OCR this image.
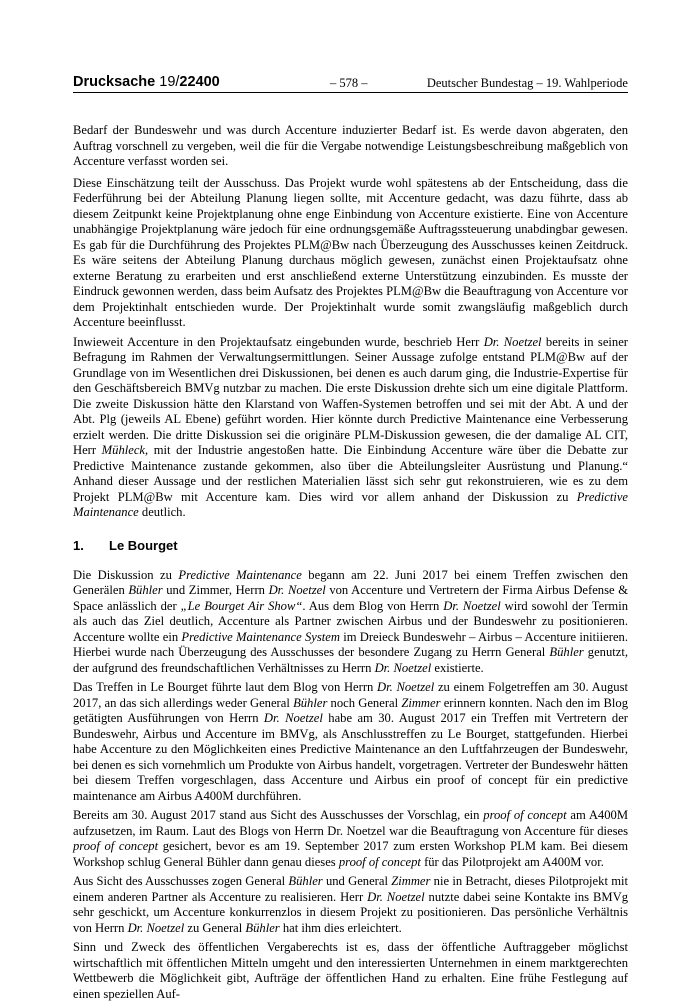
Drucksache 19/22400	– 578 –	Deutscher Bundestag – 19. Wahlperiode

Bedarf der Bundeswehr und was durch Accenture induzierter Bedarf ist. Es werde davon abgeraten, den Auftrag vorschnell zu vergeben, weil die für die Vergabe notwendige Leistungsbeschreibung maßgeblich von Accenture verfasst worden sei.

Diese Einschätzung teilt der Ausschuss. Das Projekt wurde wohl spätestens ab der Entscheidung, dass die Federführung bei der Abteilung Planung liegen sollte, mit Accenture gedacht, was dazu führte, dass ab diesem Zeitpunkt keine Projektplanung ohne enge Einbindung von Accenture existierte. Eine von Accenture unabhängige Projektplanung wäre jedoch für eine ordnungsgemäße Auftragssteuerung unabdingbar gewesen. Es gab für die Durchführung des Projektes PLM@Bw nach Überzeugung des Ausschusses keinen Zeitdruck. Es wäre seitens der Abteilung Planung durchaus möglich gewesen, zunächst einen Projektaufsatz ohne externe Beratung zu erarbeiten und erst anschließend externe Unterstützung einzubinden. Es musste der Eindruck gewonnen werden, dass beim Aufsatz des Projektes PLM@Bw die Beauftragung von Accenture vor dem Projektinhalt entschieden wurde. Der Projektinhalt wurde somit zwangsläufig maßgeblich durch Accenture beeinflusst.

Inwieweit Accenture in den Projektaufsatz eingebunden wurde, beschrieb Herr Dr. Noetzel bereits in seiner Befragung im Rahmen der Verwaltungsermittlungen. Seiner Aussage zufolge entstand PLM@Bw auf der Grundlage von im Wesentlichen drei Diskussionen, bei denen es auch darum ging, die Industrie-Expertise für den Geschäftsbereich BMVg nutzbar zu machen. Die erste Diskussion drehte sich um eine digitale Plattform. Die zweite Diskussion hätte den Klarstand von Waffen-Systemen betroffen und sei mit der Abt. A und der Abt. Plg (jeweils AL Ebene) geführt worden. Hier könnte durch Predictive Maintenance eine Verbesserung erzielt werden. Die dritte Diskussion sei die originäre PLM-Diskussion gewesen, die der damalige AL CIT, Herr Mühleck, mit der Industrie angestoßen hatte. Die Einbindung Accenture wäre über die Debatte zur Predictive Maintenance zustande gekommen, also über die Abteilungsleiter Ausrüstung und Planung.“ Anhand dieser Aussage und der restlichen Materialien lässt sich sehr gut rekonstruieren, wie es zu dem Projekt PLM@Bw mit Accenture kam. Dies wird vor allem anhand der Diskussion zu Predictive Maintenance deutlich.

1. Le Bourget

Die Diskussion zu Predictive Maintenance begann am 22. Juni 2017 bei einem Treffen zwischen den Generälen Bühler und Zimmer, Herrn Dr. Noetzel von Accenture und Vertretern der Firma Airbus Defense & Space anlässlich der „Le Bourget Air Show“. Aus dem Blog von Herrn Dr. Noetzel wird sowohl der Termin als auch das Ziel deutlich, Accenture als Partner zwischen Airbus und der Bundeswehr zu positionieren. Accenture wollte ein Predictive Maintenance System im Dreieck Bundeswehr – Airbus – Accenture initiieren. Hierbei wurde nach Überzeugung des Ausschusses der besondere Zugang zu Herrn General Bühler genutzt, der aufgrund des freundschaftlichen Verhältnisses zu Herrn Dr. Noetzel existierte.

Das Treffen in Le Bourget führte laut dem Blog von Herrn Dr. Noetzel zu einem Folgetreffen am 30. August 2017, an das sich allerdings weder General Bühler noch General Zimmer erinnern konnten. Nach den im Blog getätigten Ausführungen von Herrn Dr. Noetzel habe am 30. August 2017 ein Treffen mit Vertretern der Bundeswehr, Airbus und Accenture im BMVg, als Anschlusstreffen zu Le Bourget, stattgefunden. Hierbei habe Accenture zu den Möglichkeiten eines Predictive Maintenance an den Luftfahrzeugen der Bundeswehr, bei denen es sich vornehmlich um Produkte von Airbus handelt, vorgetragen. Vertreter der Bundeswehr hätten bei diesem Treffen vorgeschlagen, dass Accenture und Airbus ein proof of concept für ein predictive maintenance am Airbus A400M durchführen.

Bereits am 30. August 2017 stand aus Sicht des Ausschusses der Vorschlag, ein proof of concept am A400M aufzusetzen, im Raum. Laut des Blogs von Herrn Dr. Noetzel war die Beauftragung von Accenture für dieses proof of concept gesichert, bevor es am 19. September 2017 zum ersten Workshop PLM kam. Bei diesem Workshop schlug General Bühler dann genau dieses proof of concept für das Pilotprojekt am A400M vor.

Aus Sicht des Ausschusses zogen General Bühler und General Zimmer nie in Betracht, dieses Pilotprojekt mit einem anderen Partner als Accenture zu realisieren. Herr Dr. Noetzel nutzte dabei seine Kontakte ins BMVg sehr geschickt, um Accenture konkurrenzlos in diesem Projekt zu positionieren. Das persönliche Verhältnis von Herrn Dr. Noetzel zu General Bühler hat ihm dies erleichtert.

Sinn und Zweck des öffentlichen Vergaberechts ist es, dass der öffentliche Auftraggeber möglichst wirtschaftlich mit öffentlichen Mitteln umgeht und den interessierten Unternehmen in einem marktgerechten Wettbewerb die Möglichkeit gibt, Aufträge der öffentlichen Hand zu erhalten. Eine frühe Festlegung auf einen speziellen Auf-
